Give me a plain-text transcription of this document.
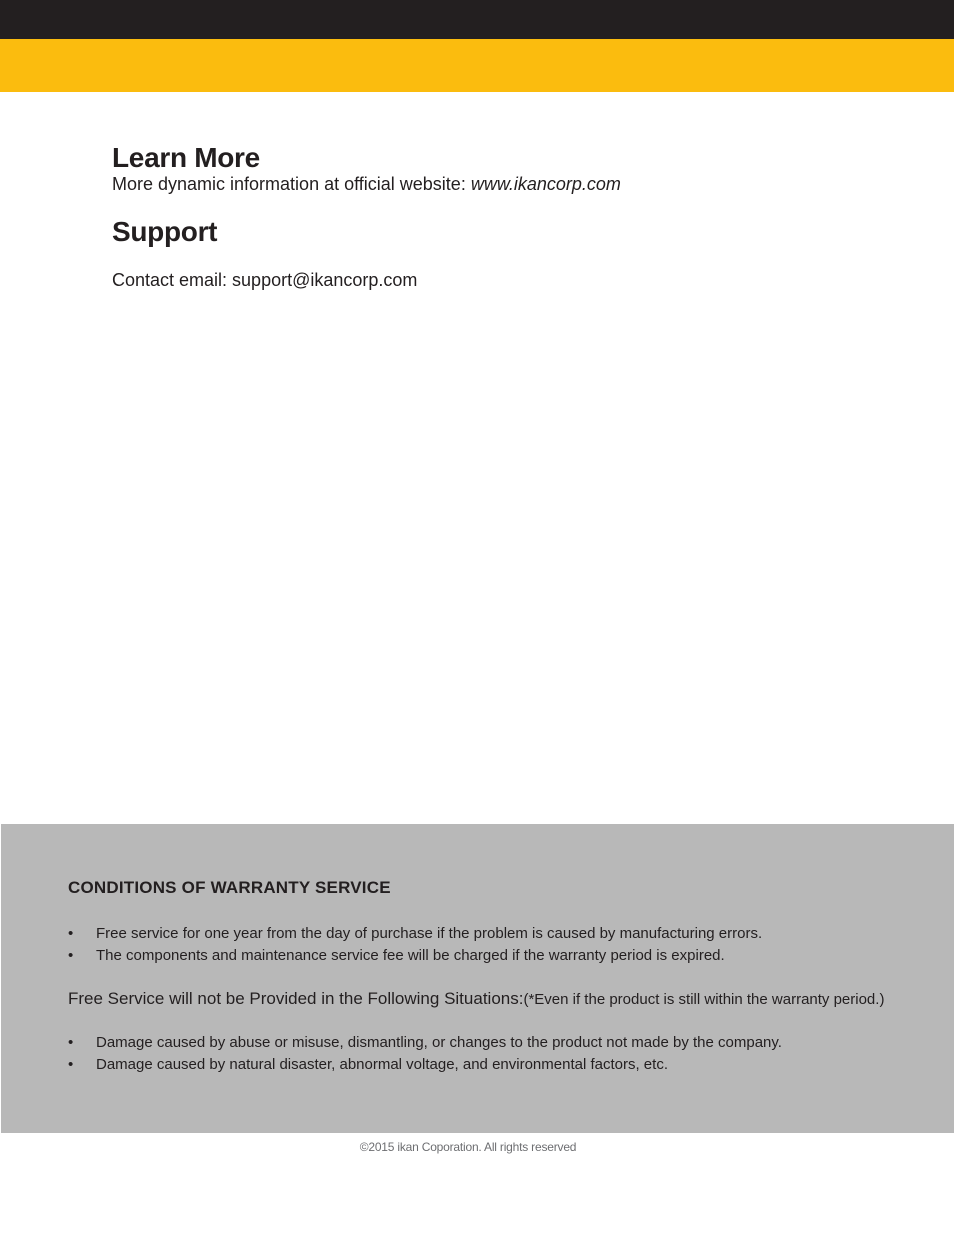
Learn More
More dynamic information at official website: www.ikancorp.com
Support
Contact email: support@ikancorp.com
CONDITIONS OF WARRANTY SERVICE
• Free service for one year from the day of purchase if the problem is caused by manufacturing errors.
• The components and maintenance service fee will be charged if the warranty period is expired.
Free Service will not be Provided in the Following Situations:(*Even if the product is still within the warranty period.)
• Damage caused by abuse or misuse, dismantling, or changes to the product not made by the company.
• Damage caused by natural disaster, abnormal voltage, and environmental factors, etc.
©2015 ikan Coporation. All rights reserved
